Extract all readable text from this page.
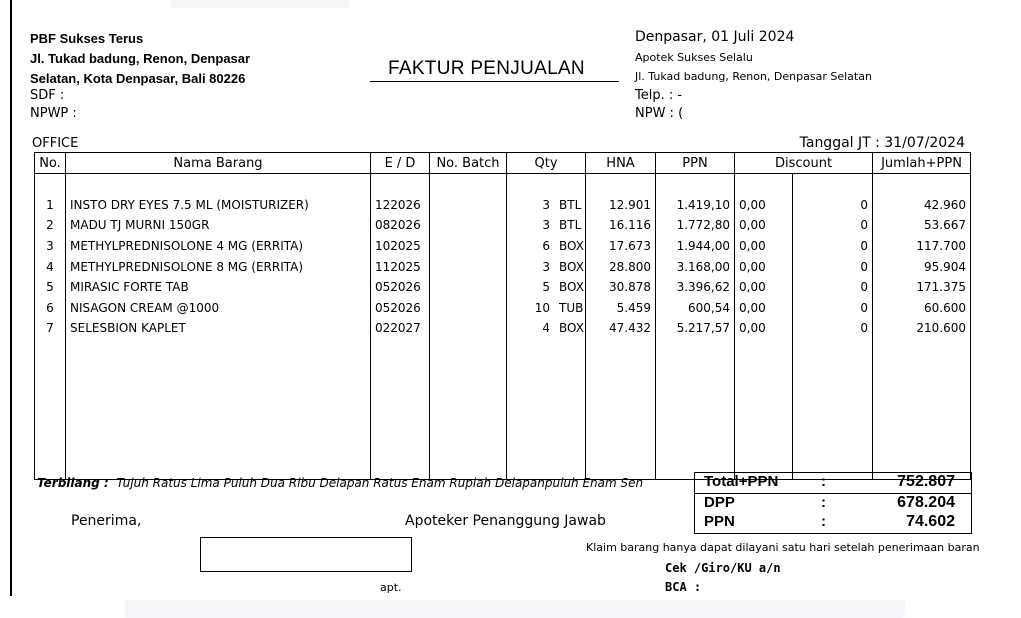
PBF Sukses Terus
Jl. Tukad badung, Renon, Denpasar
Selatan, Kota Denpasar, Bali 80226
SDF :
NPWP :
FAKTUR PENJUALAN
Denpasar, 01 Juli 2024
Apotek Sukses Selalu
Jl. Tukad badung, Renon, Denpasar Selatan
Telp. : -
NPW : (
OFFICE	Tanggal JT : 31/07/2024
No.	Nama Barang	E / D	No. Batch	Qty	HNA	PPN	Discount		Jumlah+PPN

1	INSTO DRY EYES 7.5 ML (MOISTURIZER)	122026		3 BTL	12.901	1.419,10	0,00	0	42.960
2	MADU TJ MURNI 150GR	082026		3 BTL	16.116	1.772,80	0,00	0	53.667
3	METHYLPREDNISOLONE 4 MG (ERRITA)	102025		6 BOX	17.673	1.944,00	0,00	0	117.700
4	METHYLPREDNISOLONE 8 MG (ERRITA)	112025		3 BOX	28.800	3.168,00	0,00	0	95.904
5	MIRASIC FORTE TAB	052026		5 BOX	30.878	3.396,62	0,00	0	171.375
6	NISAGON CREAM @1000	052026		10 TUB	5.459	600,54	0,00	0	60.600
7	SELESBION KAPLET	022027		4 BOX	47.432	5.217,57	0,00	0	210.600

Terbilang : Tujuh Ratus Lima Puluh Dua Ribu Delapan Ratus Enam Rupiah Delapanpuluh Enam Sen	Total+PPN	:	752.807
DPP	:	678.204
PPN	:	74.602
Penerima,	Apoteker Penanggung Jawab
apt.
Klaim barang hanya dapat dilayani satu hari setelah penerimaan baran
Cek /Giro/KU a/n
BCA :
